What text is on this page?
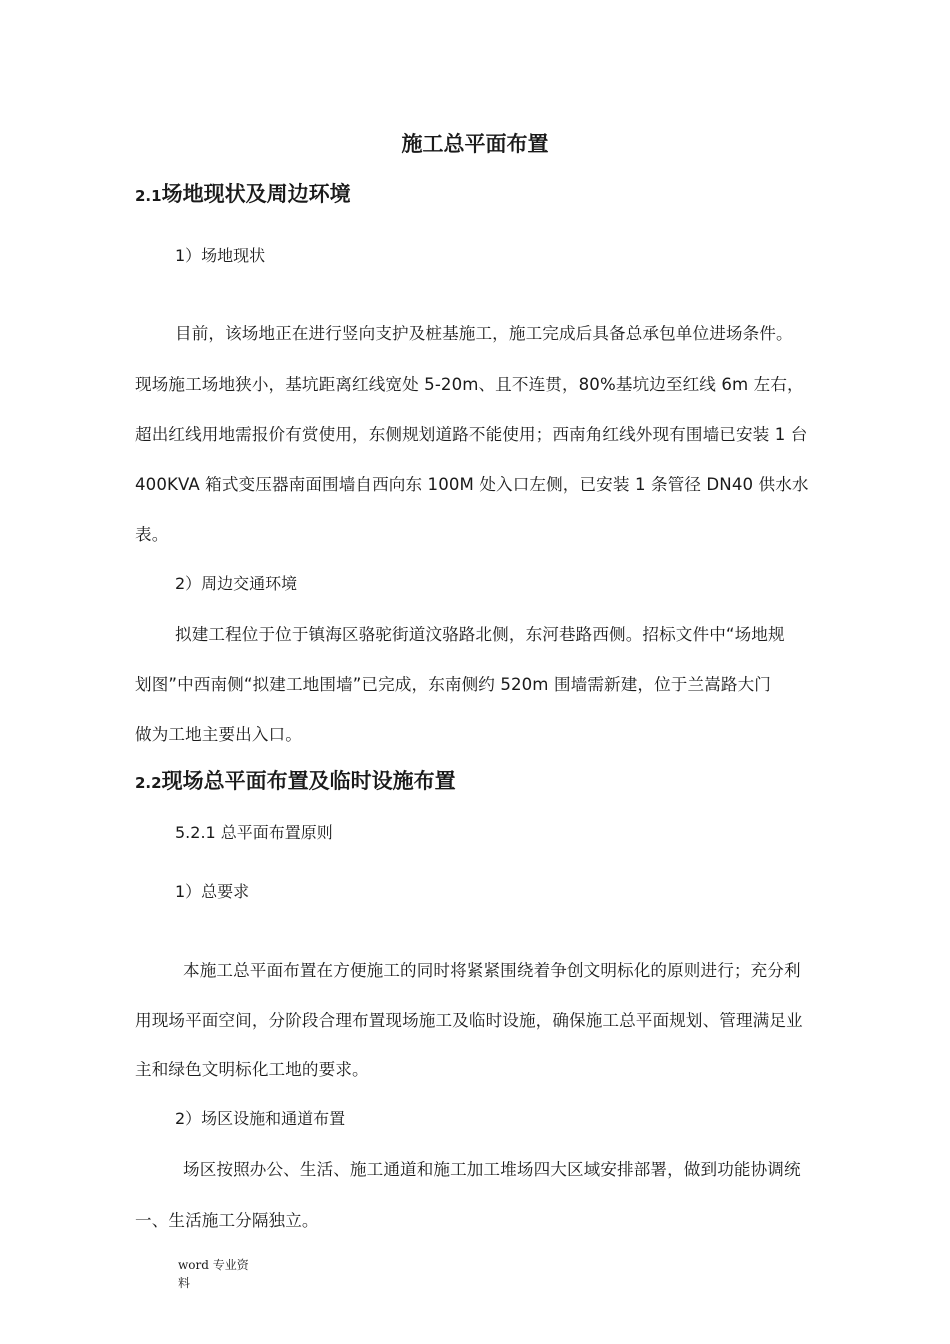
施工总平面布置
2.1场地现状及周边环境
1）场地现状
目前，该场地正在进行竖向支护及桩基施工，施工完成后具备总承包单位进场条件。
现场施工场地狭小，基坑距离红线宽处 5-20m、且不连贯，80%基坑边至红线 6m 左右，
超出红线用地需报价有赏使用，东侧规划道路不能使用；西南角红线外现有围墙已安装 1 台
400KVA 箱式变压器南面围墙自西向东 100M 处入口左侧，已安装 1 条管径 DN40 供水水
表。
2）周边交通环境
拟建工程位于位于镇海区骆驼街道汶骆路北侧，东河巷路西侧。招标文件中“场地规
划图”中西南侧“拟建工地围墙”已完成，东南侧约 520m 围墙需新建，位于兰嵩路大门
做为工地主要出入口。
2.2现场总平面布置及临时设施布置
5.2.1 总平面布置原则
1）总要求
本施工总平面布置在方便施工的同时将紧紧围绕着争创文明标化的原则进行；充分利
用现场平面空间，分阶段合理布置现场施工及临时设施，确保施工总平面规划、管理满足业
主和绿色文明标化工地的要求。
2）场区设施和通道布置
场区按照办公、生活、施工通道和施工加工堆场四大区域安排部署，做到功能协调统
一、生活施工分隔独立。
word 专业资料
